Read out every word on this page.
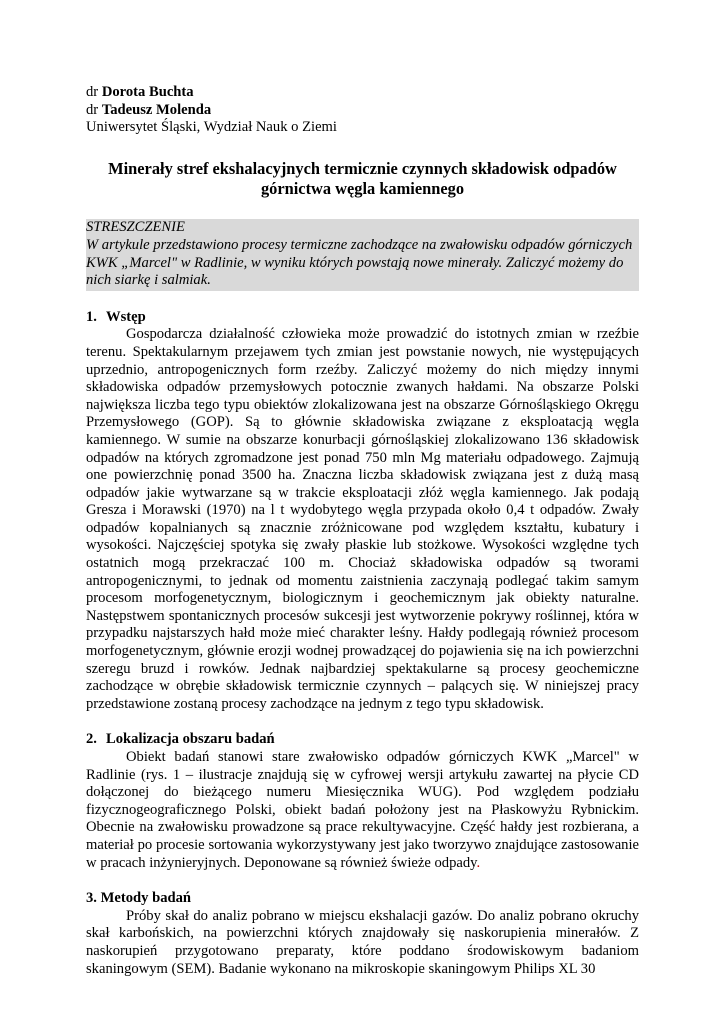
dr Dorota Buchta
dr Tadeusz Molenda
Uniwersytet Śląski, Wydział Nauk o Ziemi
Minerały stref ekshalacyjnych termicznie czynnych składowisk odpadów
górnictwa węgla kamiennego
STRESZCZENIE
W artykule przedstawiono procesy termiczne zachodzące na zwałowisku odpadów górniczych KWK „Marcel" w Radlinie, w wyniku których powstają nowe minerały. Zaliczyć możemy do nich siarkę i salmiak.
1. Wstęp
Gospodarcza działalność człowieka może prowadzić do istotnych zmian w rzeźbie terenu. Spektakularnym przejawem tych zmian jest powstanie nowych, nie występujących uprzednio, antropogenicznych form rzeźby. Zaliczyć możemy do nich między innymi składowiska odpadów przemysłowych potocznie zwanych hałdami. Na obszarze Polski największa liczba tego typu obiektów zlokalizowana jest na obszarze Górnośląskiego Okręgu Przemysłowego (GOP). Są to głównie składowiska związane z eksploatacją węgla kamiennego. W sumie na obszarze konurbacji górnośląskiej zlokalizowano 136 składowisk odpadów na których zgromadzone jest ponad 750 mln Mg materiału odpadowego. Zajmują one powierzchnię ponad 3500 ha. Znaczna liczba składowisk związana jest z dużą masą odpadów jakie wytwarzane są w trakcie eksploatacji złóż węgla kamiennego. Jak podają Gresza i Morawski (1970) na l t wydobytego węgla przypada około 0,4 t odpadów. Zwały odpadów kopalnianych są znacznie zróżnicowane pod względem kształtu, kubatury i wysokości. Najczęściej spotyka się zwały płaskie lub stożkowe. Wysokości względne tych ostatnich mogą przekraczać 100 m. Chociaż składowiska odpadów są tworami antropogenicznymi, to jednak od momentu zaistnienia zaczynają podlegać takim samym procesom morfogenetycznym, biologicznym i geochemicznym jak obiekty naturalne. Następstwem spontanicznych procesów sukcesji jest wytworzenie pokrywy roślinnej, która w przypadku najstarszych hałd może mieć charakter leśny. Hałdy podlegają również procesom morfogenetycznym, głównie erozji wodnej prowadzącej do pojawienia się na ich powierzchni szeregu bruzd i rowków. Jednak najbardziej spektakularne są procesy geochemiczne zachodzące w obrębie składowisk termicznie czynnych – palących się. W niniejszej pracy przedstawione zostaną procesy zachodzące na jednym z tego typu składowisk.
2. Lokalizacja obszaru badań
Obiekt badań stanowi stare zwałowisko odpadów górniczych KWK „Marcel" w Radlinie (rys. 1 – ilustracje znajdują się w cyfrowej wersji artykułu zawartej na płycie CD dołączonej do bieżącego numeru Miesięcznika WUG). Pod względem podziału fizycznogeograficznego Polski, obiekt badań położony jest na Płaskowyżu Rybnickim. Obecnie na zwałowisku prowadzone są prace rekultywacyjne. Część hałdy jest rozbierana, a materiał po procesie sortowania wykorzystywany jest jako tworzywo znajdujące zastosowanie w pracach inżynieryjnych. Deponowane są również świeże odpady.
3. Metody badań
Próby skał do analiz pobrano w miejscu ekshalacji gazów. Do analiz pobrano okruchy skał karbońskich, na powierzchni których znajdowały się naskorupienia minerałów. Z naskorupień przygotowano preparaty, które poddano środowiskowym badaniom skaningowym (SEM). Badanie wykonano na mikroskopie skaningowym Philips XL 30
